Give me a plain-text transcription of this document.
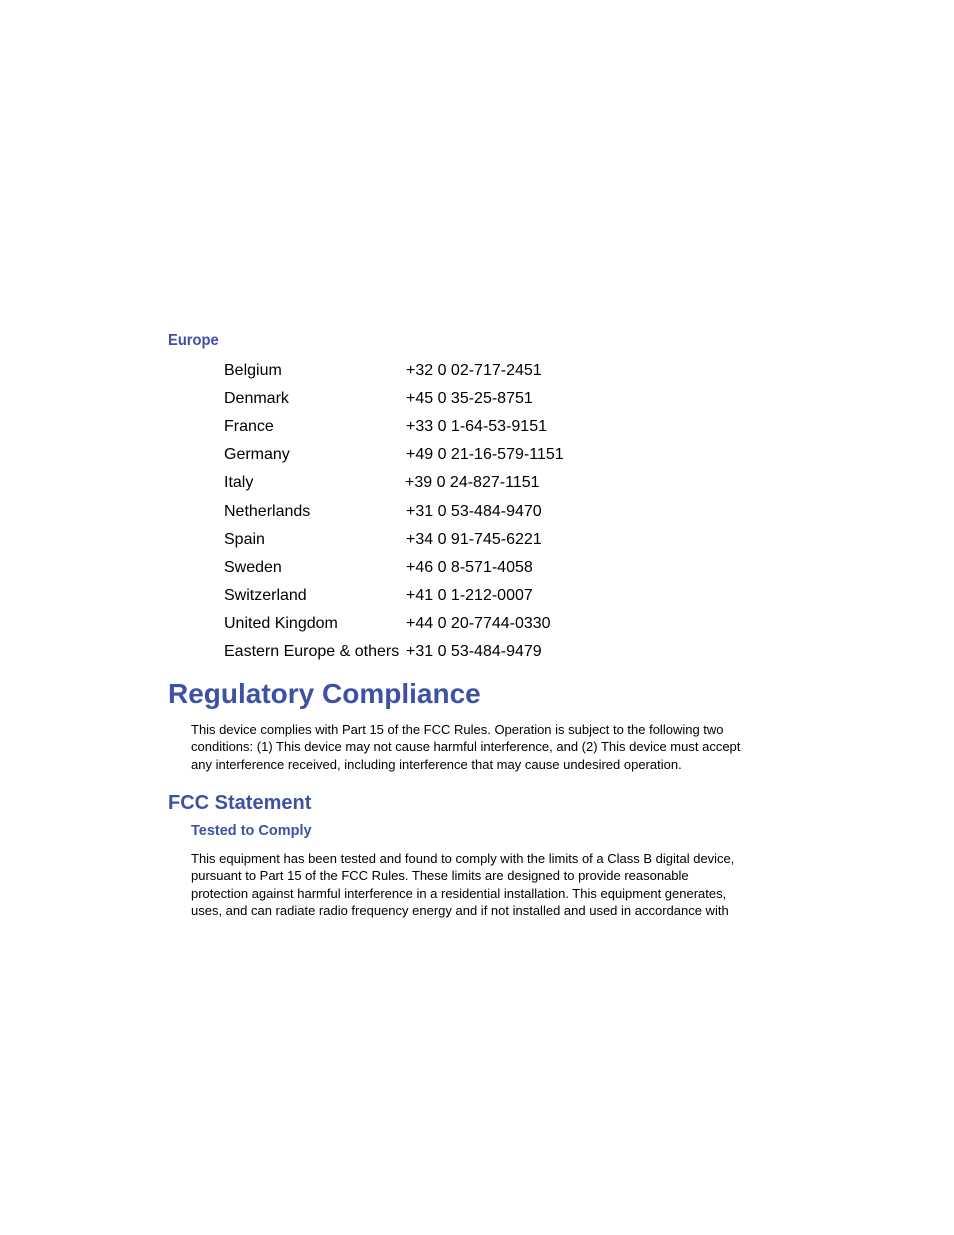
Europe
Belgium	+32 0 02-717-2451
Denmark	+45 0 35-25-8751
France	+33 0 1-64-53-9151
Germany	+49 0 21-16-579-1151
Italy	+39 0 24-827-1151
Netherlands	+31 0 53-484-9470
Spain	+34 0 91-745-6221
Sweden	+46 0 8-571-4058
Switzerland	+41 0 1-212-0007
United Kingdom	+44 0 20-7744-0330
Eastern Europe & others +31 0 53-484-9479
Regulatory Compliance

This device complies with Part 15 of the FCC Rules. Operation is subject to the following two
conditions: (1) This device may not cause harmful interference, and (2) This device must accept
any interference received, including interference that may cause undesired operation.

FCC Statement
Tested to Comply

This equipment has been tested and found to comply with the limits of a Class B digital device,
pursuant to Part 15 of the FCC Rules. These limits are designed to provide reasonable
protection against harmful interference in a residential installation. This equipment generates,
uses, and can radiate radio frequency energy and if not installed and used in accordance with
